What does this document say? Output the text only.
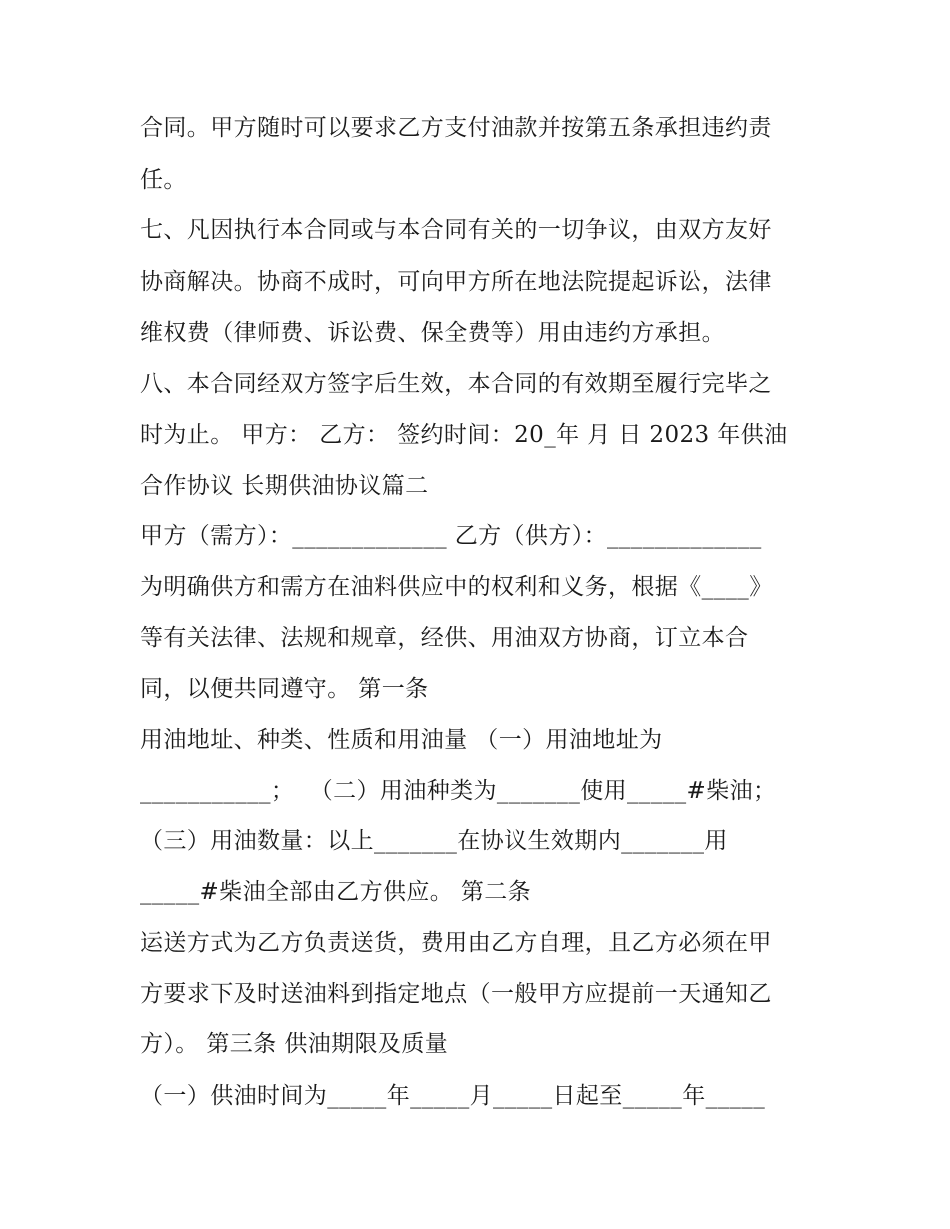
合同。甲方随时可以要求乙方支付油款并按第五条承担违约责
任。
七、凡因执行本合同或与本合同有关的一切争议，由双方友好
协商解决。协商不成时，可向甲方所在地法院提起诉讼，法律
维权费（律师费、诉讼费、保全费等）用由违约方承担。
八、本合同经双方签字后生效，本合同的有效期至履行完毕之
时为止。 甲方： 乙方： 签约时间：20_年 月 日 2023 年供油
合作协议 长期供油协议篇二
甲方（需方）：_____________ 乙方（供方）：_____________
为明确供方和需方在油料供应中的权利和义务，根据《____》
等有关法律、法规和规章，经供、用油双方协商，订立本合
同，以便共同遵守。 第一条
用油地址、种类、性质和用油量 （一）用油地址为
___________；  （二）用油种类为_______使用_____#柴油；
（三）用油数量：以上_______在协议生效期内_______用
_____#柴油全部由乙方供应。 第二条
运送方式为乙方负责送货，费用由乙方自理，且乙方必须在甲
方要求下及时送油料到指定地点（一般甲方应提前一天通知乙
方）。 第三条 供油期限及质量
（一）供油时间为_____年_____月_____日起至_____年_____
